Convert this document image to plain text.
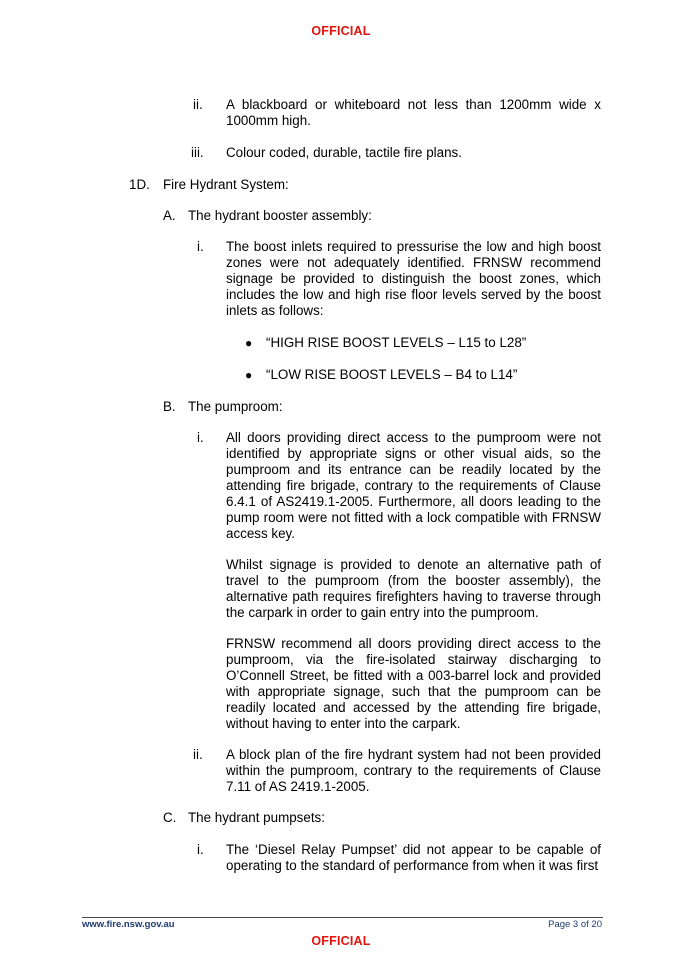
OFFICIAL
ii. A blackboard or whiteboard not less than 1200mm wide x 1000mm high.
iii. Colour coded, durable, tactile fire plans.
1D. Fire Hydrant System:
A. The hydrant booster assembly:
i. The boost inlets required to pressurise the low and high boost zones were not adequately identified. FRNSW recommend signage be provided to distinguish the boost zones, which includes the low and high rise floor levels served by the boost inlets as follows:
● “HIGH RISE BOOST LEVELS – L15 to L28”
● “LOW RISE BOOST LEVELS – B4 to L14”
B. The pumproom:
i. All doors providing direct access to the pumproom were not identified by appropriate signs or other visual aids, so the pumproom and its entrance can be readily located by the attending fire brigade, contrary to the requirements of Clause 6.4.1 of AS2419.1-2005. Furthermore, all doors leading to the pump room were not fitted with a lock compatible with FRNSW access key.
Whilst signage is provided to denote an alternative path of travel to the pumproom (from the booster assembly), the alternative path requires firefighters having to traverse through the carpark in order to gain entry into the pumproom.
FRNSW recommend all doors providing direct access to the pumproom, via the fire-isolated stairway discharging to O’Connell Street, be fitted with a 003-barrel lock and provided with appropriate signage, such that the pumproom can be readily located and accessed by the attending fire brigade, without having to enter into the carpark.
ii. A block plan of the fire hydrant system had not been provided within the pumproom, contrary to the requirements of Clause 7.11 of AS 2419.1-2005.
C. The hydrant pumpsets:
i. The ‘Diesel Relay Pumpset’ did not appear to be capable of operating to the standard of performance from when it was first
www.fire.nsw.gov.au	Page 3 of 20
OFFICIAL
